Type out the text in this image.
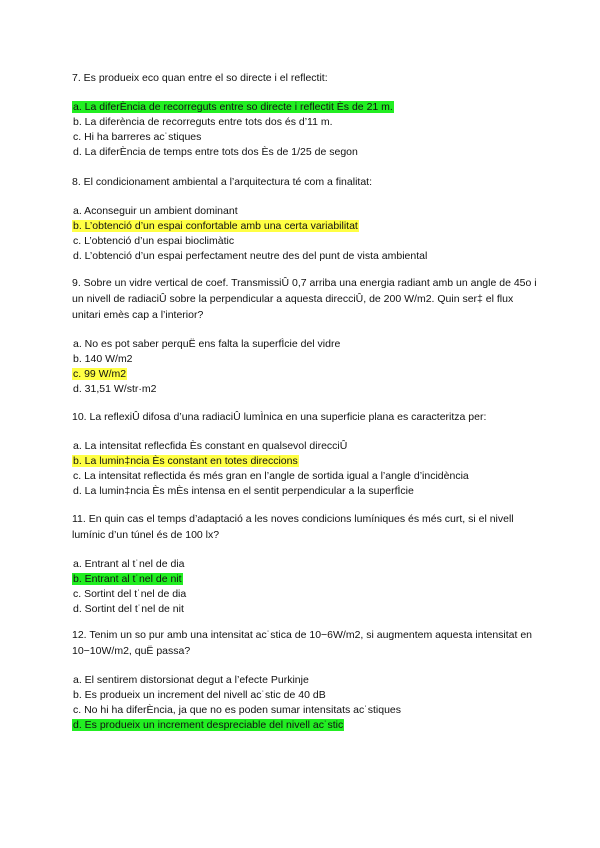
7. Es produeix eco quan entre el so directe i el reflectit:

a. La diferÈncia de recorreguts entre so directe i reflectit Ès de 21 m.
b. La diferència de recorreguts entre tots dos és d’11 m.
c. Hi ha barreres ac˙stiques
d. La diferÈncia de temps entre tots dos Ès de 1/25 de segon

8. El condicionament ambiental a l’arquitectura té com a finalitat:

a. Aconseguir un ambient dominant
b. L’obtenció d’un espai confortable amb una certa variabilitat
c. L’obtenció d’un espai bioclimàtic
d. L’obtenció d’un espai perfectament neutre des del punt de vista ambiental

9. Sobre un vidre vertical de coef. TransmissiÛ 0,7 arriba una energia radiant amb un angle de 45o i un nivell de radiaciÛ sobre la perpendicular a aquesta direcciÛ, de 200 W/m2. Quin ser‡ el flux unitari emès cap a l’interior?

a. No es pot saber perquË ens falta la superfÌcie del vidre
b. 140 W/m2
c. 99 W/m2
d. 31,51 W/str·m2

10. La reflexiÛ difosa d’una radiaciÛ lumÌnica en una superficie plana es caracteritza per:

a. La intensitat reflecfida Ès constant en qualsevol direcciÛ
b. La lumin‡ncia Ès constant en totes direccions
c. La intensitat reflectida és més gran en l’angle de sortida igual a l’angle d’incidència
d. La lumin‡ncia Ès mÈs intensa en el sentit perpendicular a la superfÌcie

11. En quin cas el temps d’adaptació a les noves condicions lumíniques és més curt, si el nivell lumínic d’un túnel és de 100 lx?

a. Entrant al t˙nel de dia
b. Entrant al t˙nel de nit
c. Sortint del t˙nel de dia
d. Sortint del t˙nel de nit

12. Tenim un so pur amb una intensitat ac˙stica de 10−6W/m2, si augmentem aquesta intensitat en 10−10W/m2, quË passa?

a. El sentirem distorsionat degut a l’efecte Purkinje
b. Es produeix un increment del nivell ac˙stic de 40 dB
c. No hi ha diferÈncia, ja que no es poden sumar intensitats ac˙stiques
d. Es produeix un increment despreciable del nivell ac˙stic
